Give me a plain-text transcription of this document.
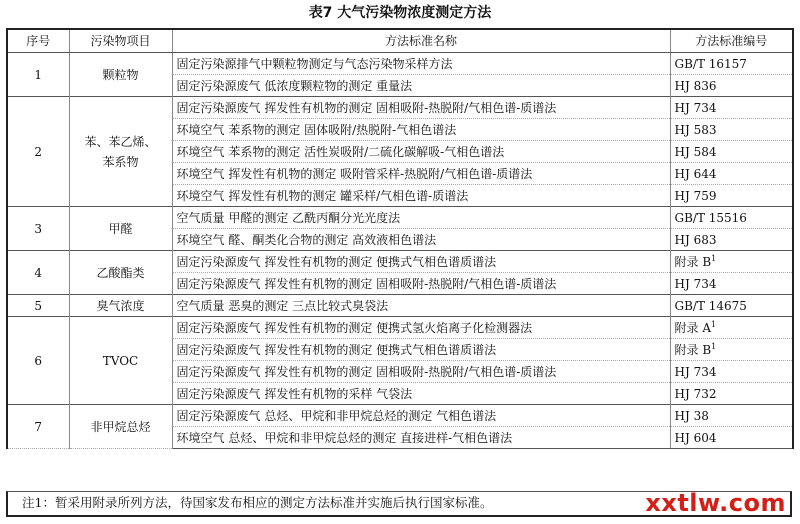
表7 大气污染物浓度测定方法
序号	污染物项目	方法标准名称	方法标准编号
1	颗粒物	固定污染源排气中颗粒物测定与气态污染物采样方法	GB/T 16157
		固定污染源废气 低浓度颗粒物的测定 重量法	HJ 836
2	苯、苯乙烯、
苯系物	固定污染源废气 挥发性有机物的测定 固相吸附-热脱附/气相色谱-质谱法	HJ 734
		环境空气 苯系物的测定 固体吸附/热脱附-气相色谱法	HJ 583
		环境空气 苯系物的测定 活性炭吸附/二硫化碳解吸-气相色谱法	HJ 584
		环境空气 挥发性有机物的测定 吸附管采样-热脱附/气相色谱-质谱法	HJ 644
		环境空气 挥发性有机物的测定 罐采样/气相色谱-质谱法	HJ 759
3	甲醛	空气质量 甲醛的测定 乙酰丙酮分光光度法	GB/T 15516
		环境空气 醛、酮类化合物的测定 高效液相色谱法	HJ 683
4	乙酸酯类	固定污染源废气 挥发性有机物的测定 便携式气相色谱质谱法	附录 $B^1$
		固定污染源废气 挥发性有机物的测定 固相吸附-热脱附/气相色谱-质谱法	HJ 734
5	臭气浓度	空气质量 恶臭的测定 三点比较式臭袋法	GB/T 14675
6	TVOC	固定污染源废气 挥发性有机物的测定 便携式氢火焰离子化检测器法	附录 $A^1$
		固定污染源废气 挥发性有机物的测定 便携式气相色谱质谱法	附录 $B^1$
		固定污染源废气 挥发性有机物的测定 固相吸附-热脱附/气相色谱-质谱法	HJ 734
		固定污染源废气 挥发性有机物的采样 气袋法	HJ 732
7	非甲烷总烃	固定污染源废气 总烃、甲烷和非甲烷总烃的测定 气相色谱法	HJ 38
		环境空气 总烃、甲烷和非甲烷总烃的测定 直接进样-气相色谱法	HJ 604
注1：暂采用附录所列方法，待国家发布相应的测定方法标准并实施后执行国家标准。	xxtlw.com
